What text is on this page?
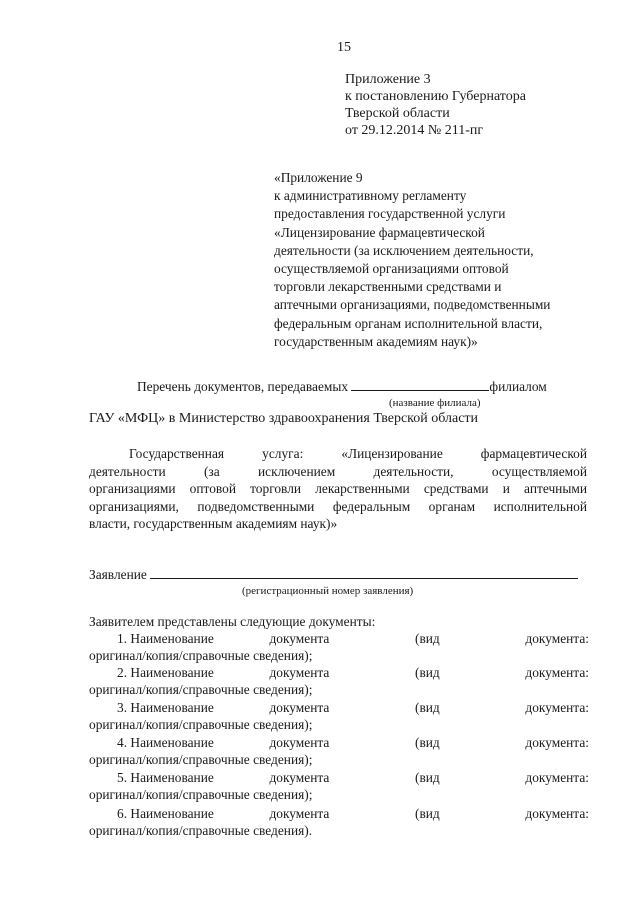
15
Приложение 3
к постановлению Губернатора
Тверской области
от 29.12.2014 № 211-пг
«Приложение 9
к административному регламенту
предоставления государственной услуги
«Лицензирование фармацевтической
деятельности (за исключением деятельности,
осуществляемой организациями оптовой
торговли лекарственными средствами и
аптечными организациями, подведомственными
федеральным органам исполнительной власти,
государственным академиям наук)»
Перечень документов, передаваемых	филиалом
(название филиала)
ГАУ «МФЦ» в Министерство здравоохранения Тверской области
Государственная услуга: «Лицензирование фармацевтической
деятельности (за исключением деятельности, осуществляемой
организациями оптовой торговли лекарственными средствами и аптечными
организациями, подведомственными федеральным органам исполнительной
власти, государственным академиям наук)»
Заявление
(регистрационный номер заявления)
Заявителем представлены следующие документы:
1. Наименование	документа	(вид	документа:
оригинал/копия/справочные сведения);
2. Наименование	документа	(вид	документа:
оригинал/копия/справочные сведения);
3. Наименование	документа	(вид	документа:
оригинал/копия/справочные сведения);
4. Наименование	документа	(вид	документа:
оригинал/копия/справочные сведения);
5. Наименование	документа	(вид	документа:
оригинал/копия/справочные сведения);
6. Наименование	документа	(вид	документа:
оригинал/копия/справочные сведения).
